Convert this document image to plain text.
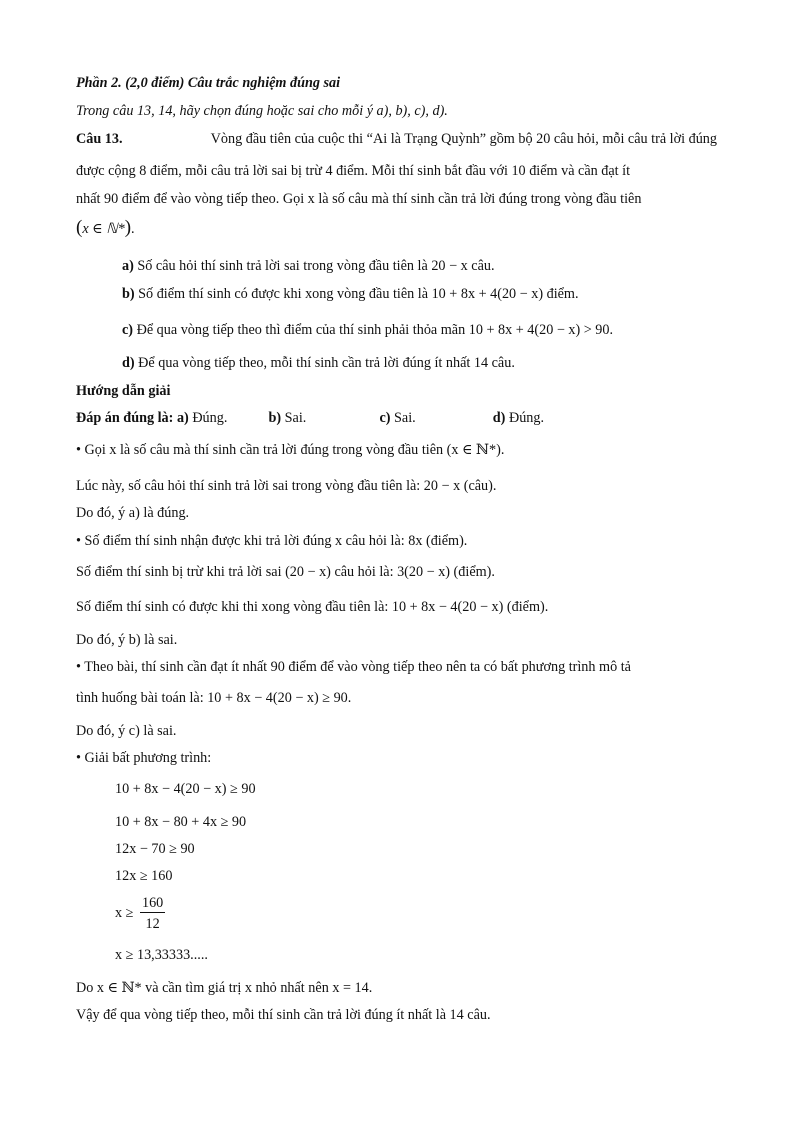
Phần 2. (2,0 điểm) Câu trắc nghiệm đúng sai
Trong câu 13, 14, hãy chọn đúng hoặc sai cho mỗi ý a), b), c), d).
Câu 13.	Vòng đầu tiên của cuộc thi “Ai là Trạng Quỳnh” gồm bộ 20 câu hỏi, mỗi câu trả lời đúng
được cộng 8 điểm, mỗi câu trả lời sai bị trừ 4 điểm. Mỗi thí sinh bắt đầu với 10 điểm và cần đạt ít
nhất 90 điểm để vào vòng tiếp theo. Gọi x là số câu mà thí sinh cần trả lời đúng trong vòng đầu tiên
(x ∈ ℕ*).
a) Số câu hỏi thí sinh trả lời sai trong vòng đầu tiên là 20 − x câu.
b) Số điểm thí sinh có được khi xong vòng đầu tiên là 10 + 8x + 4(20 − x) điểm.
c) Để qua vòng tiếp theo thì điểm của thí sinh phải thỏa mãn 10 + 8x + 4(20 − x) > 90.
d) Để qua vòng tiếp theo, mỗi thí sinh cần trả lời đúng ít nhất 14 câu.
Hướng dẫn giải
Đáp án đúng là: a) Đúng.	b) Sai.	c) Sai.	d) Đúng.
• Gọi x là số câu mà thí sinh cần trả lời đúng trong vòng đầu tiên (x ∈ ℕ*).
Lúc này, số câu hỏi thí sinh trả lời sai trong vòng đầu tiên là: 20 − x (câu).
Do đó, ý a) là đúng.
• Số điểm thí sinh nhận được khi trả lời đúng x câu hỏi là: 8x (điểm).
Số điểm thí sinh bị trừ khi trả lời sai (20 − x) câu hỏi là: 3(20 − x) (điểm).
Số điểm thí sinh có được khi thi xong vòng đầu tiên là: 10 + 8x − 4(20 − x) (điểm).
Do đó, ý b) là sai.
• Theo bài, thí sinh cần đạt ít nhất 90 điểm để vào vòng tiếp theo nên ta có bất phương trình mô tả
tình huống bài toán là: 10 + 8x − 4(20 − x) ≥ 90.
Do đó, ý c) là sai.
• Giải bất phương trình:
10 + 8x − 4(20 − x) ≥ 90
10 + 8x − 80 + 4x ≥ 90
12x − 70 ≥ 90
12x ≥ 160
$x \ge \frac{160}{12}$
x ≥ 13,33333.....
Do x ∈ ℕ* và cần tìm giá trị x nhỏ nhất nên x = 14.
Vậy để qua vòng tiếp theo, mỗi thí sinh cần trả lời đúng ít nhất là 14 câu.
